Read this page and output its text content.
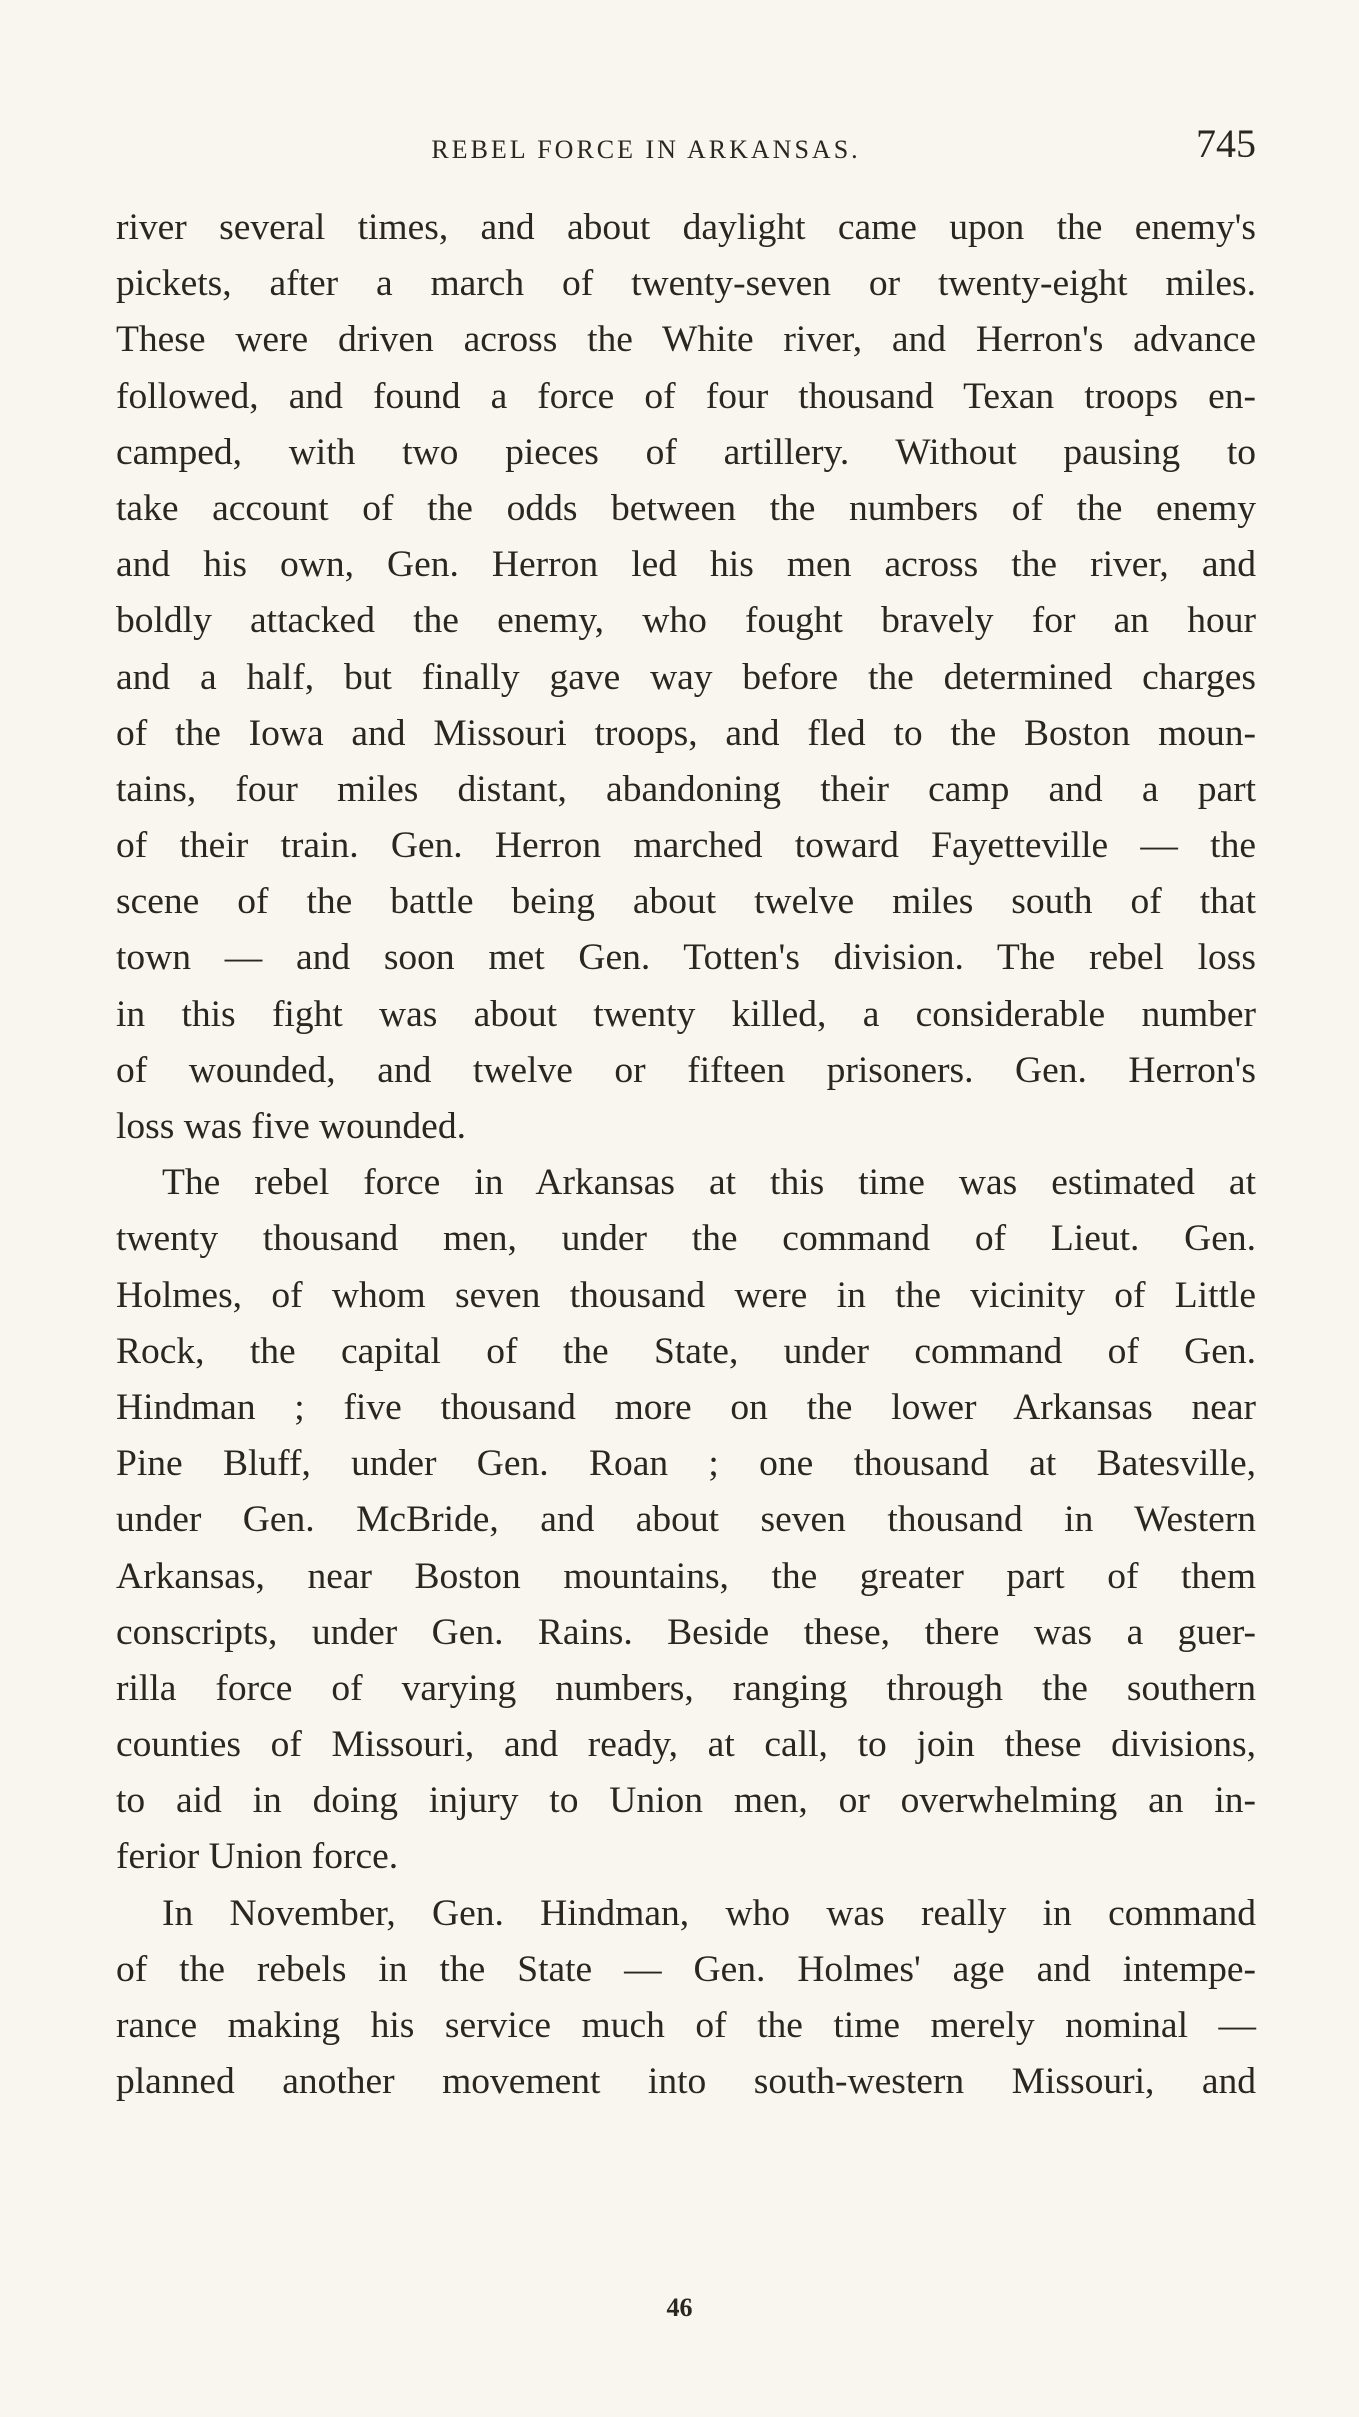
REBEL FORCE IN ARKANSAS.	745
river several times, and about daylight came upon the enemy's
pickets, after a march of twenty-seven or twenty-eight miles.
These were driven across the White river, and Herron's advance
followed, and found a force of four thousand Texan troops en-
camped, with two pieces of artillery. Without pausing to
take account of the odds between the numbers of the enemy
and his own, Gen. Herron led his men across the river, and
boldly attacked the enemy, who fought bravely for an hour
and a half, but finally gave way before the determined charges
of the Iowa and Missouri troops, and fled to the Boston moun-
tains, four miles distant, abandoning their camp and a part
of their train. Gen. Herron marched toward Fayetteville — the
scene of the battle being about twelve miles south of that
town — and soon met Gen. Totten's division. The rebel loss
in this fight was about twenty killed, a considerable number
of wounded, and twelve or fifteen prisoners. Gen. Herron's
loss was five wounded.
The rebel force in Arkansas at this time was estimated at
twenty thousand men, under the command of Lieut. Gen.
Holmes, of whom seven thousand were in the vicinity of Little
Rock, the capital of the State, under command of Gen.
Hindman ; five thousand more on the lower Arkansas near
Pine Bluff, under Gen. Roan ; one thousand at Batesville,
under Gen. McBride, and about seven thousand in Western
Arkansas, near Boston mountains, the greater part of them
conscripts, under Gen. Rains. Beside these, there was a guer-
rilla force of varying numbers, ranging through the southern
counties of Missouri, and ready, at call, to join these divisions,
to aid in doing injury to Union men, or overwhelming an in-
ferior Union force.
In November, Gen. Hindman, who was really in command
of the rebels in the State — Gen. Holmes' age and intempe-
rance making his service much of the time merely nominal —
planned another movement into south-western Missouri, and
46
